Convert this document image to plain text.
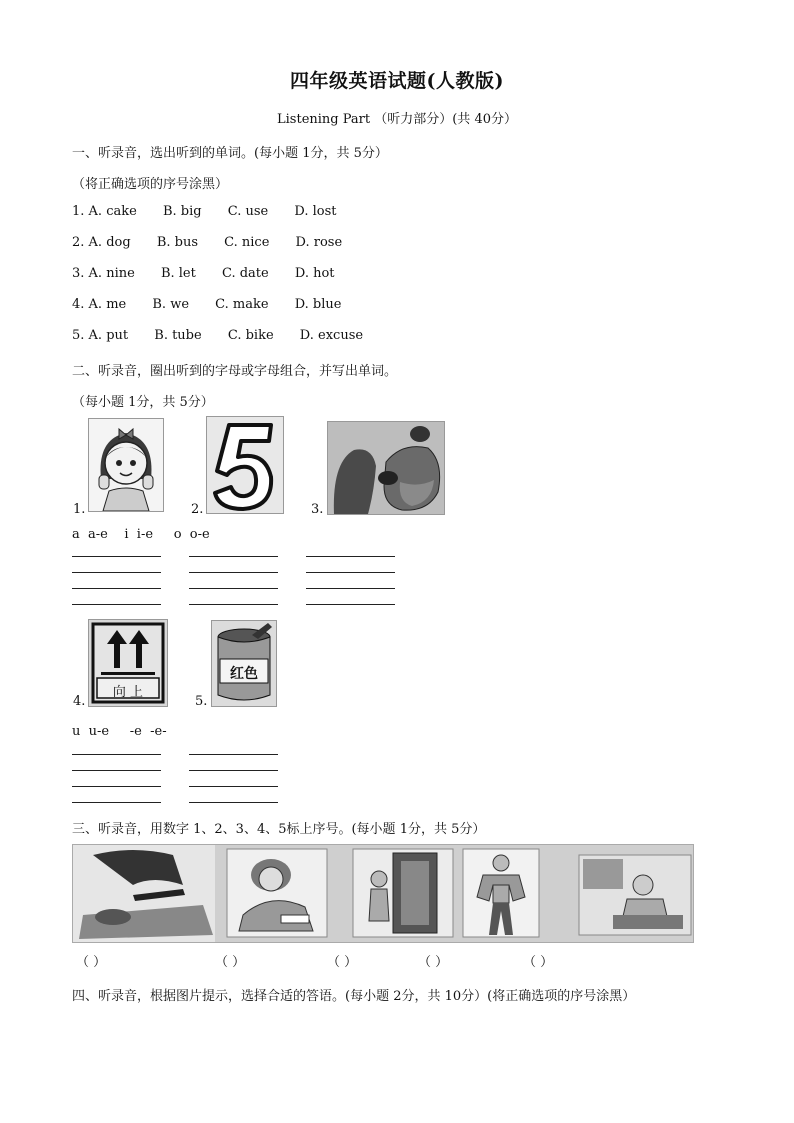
四年级英语试题(人教版)
Listening Part （听力部分）(共 40分）
一、听录音，选出听到的单词。(每小题 1分，共 5分）
（将正确选项的序号涂黑）
1. A. cake B. big C. use D. lost
2. A. dog B. bus C. nice D. rose
3. A. nine B. let C. date D. hot
4. A. me B. we C. make D. blue
5. A. put B. tube C. bike D. excuse
二、听录音，圈出听到的字母或字母组合，并写出单词。
（每小题 1分，共 5分）
1.	2.	3.
a  a-e    i  i-e     o  o-e
向 上
4.
红色
5.
u  u-e     -e  -e-
三、听录音，用数字 1、2、3、4、5标上序号。(每小题 1分，共 5分）
（ ）	（ ）	（ ）	（ ）	（ ）
四、听录音，根据图片提示，选择合适的答语。(每小题 2分，共 10分）(将正确选项的序号涂黑）
